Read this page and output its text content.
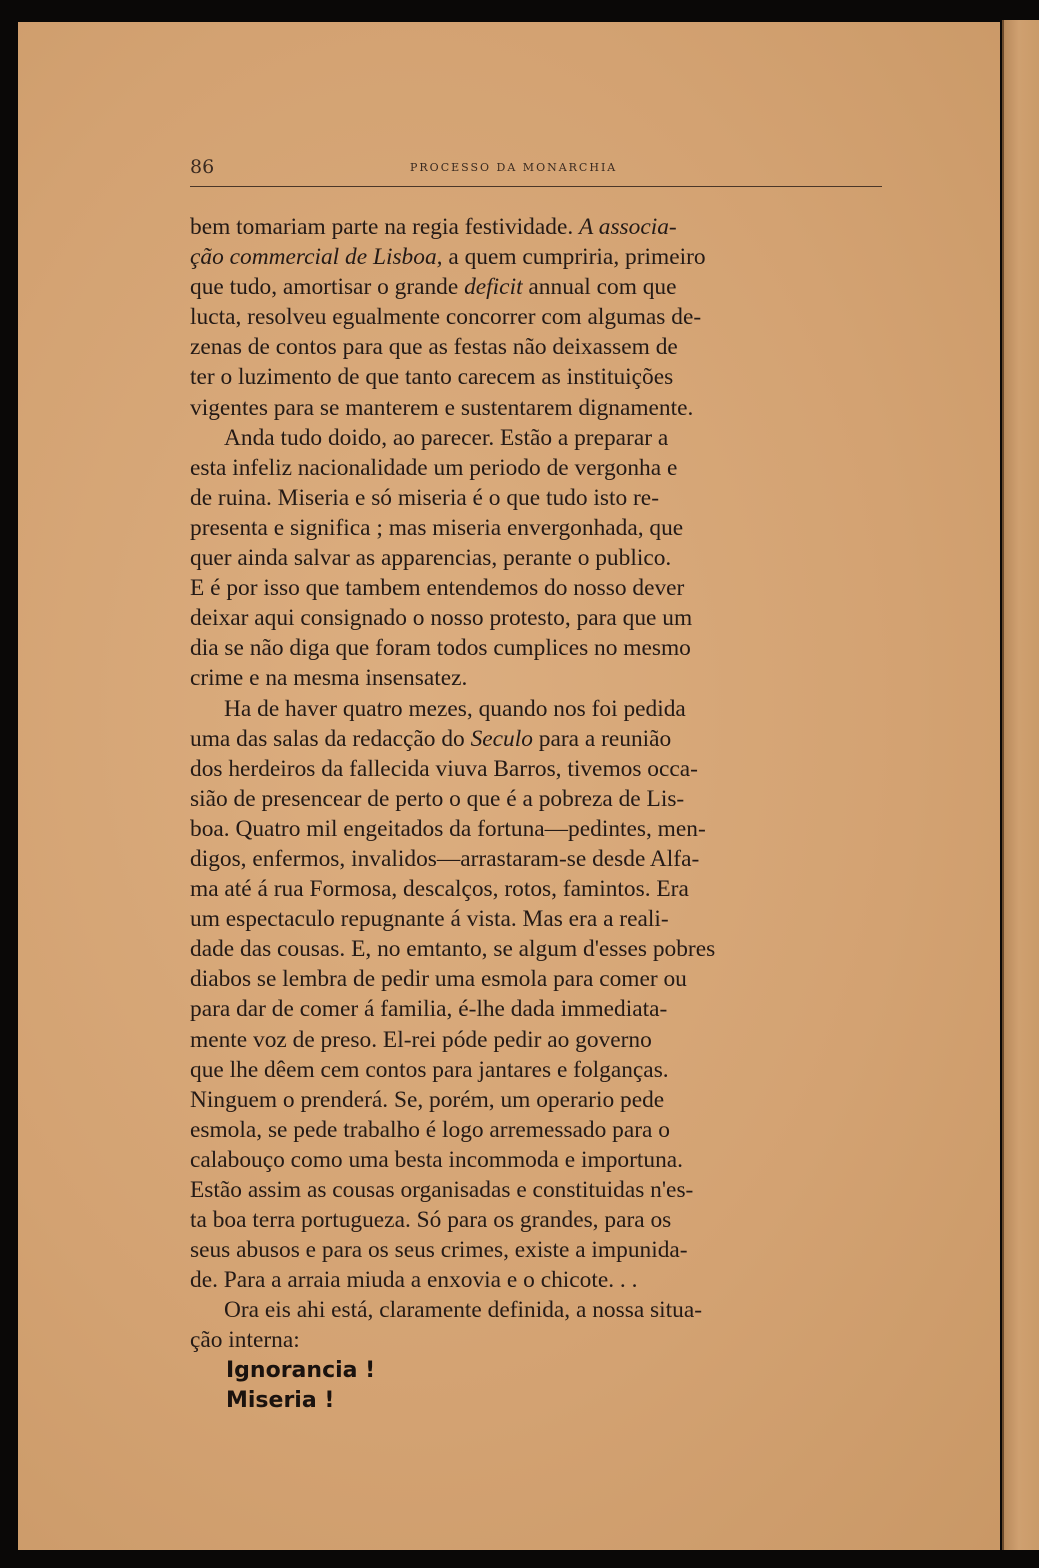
86	PROCESSO DA MONARCHIA
bem tomariam parte na regia festividade. A associa-
ção commercial de Lisboa, a quem cumpriria, primeiro
que tudo, amortisar o grande deficit annual com que
lucta, resolveu egualmente concorrer com algumas de-
zenas de contos para que as festas não deixassem de
ter o luzimento de que tanto carecem as instituições
vigentes para se manterem e sustentarem dignamente.
Anda tudo doido, ao parecer. Estão a preparar a
esta infeliz nacionalidade um periodo de vergonha e
de ruina. Miseria e só miseria é o que tudo isto re-
presenta e significa ; mas miseria envergonhada, que
quer ainda salvar as apparencias, perante o publico.
E é por isso que tambem entendemos do nosso dever
deixar aqui consignado o nosso protesto, para que um
dia se não diga que foram todos cumplices no mesmo
crime e na mesma insensatez.
Ha de haver quatro mezes, quando nos foi pedida
uma das salas da redacção do Seculo para a reunião
dos herdeiros da fallecida viuva Barros, tivemos occa-
sião de presencear de perto o que é a pobreza de Lis-
boa. Quatro mil engeitados da fortuna—pedintes, men-
digos, enfermos, invalidos—arrastaram-se desde Alfa-
ma até á rua Formosa, descalços, rotos, famintos. Era
um espectaculo repugnante á vista. Mas era a reali-
dade das cousas. E, no emtanto, se algum d'esses pobres
diabos se lembra de pedir uma esmola para comer ou
para dar de comer á familia, é-lhe dada immediata-
mente voz de preso. El-rei póde pedir ao governo
que lhe dêem cem contos para jantares e folganças.
Ninguem o prenderá. Se, porém, um operario pede
esmola, se pede trabalho é logo arremessado para o
calabouço como uma besta incommoda e importuna.
Estão assim as cousas organisadas e constituidas n'es-
ta boa terra portugueza. Só para os grandes, para os
seus abusos e para os seus crimes, existe a impunida-
de. Para a arraia miuda a enxovia e o chicote. . .
Ora eis ahi está, claramente definida, a nossa situa-
ção interna:
Ignorancia !
Miseria !
